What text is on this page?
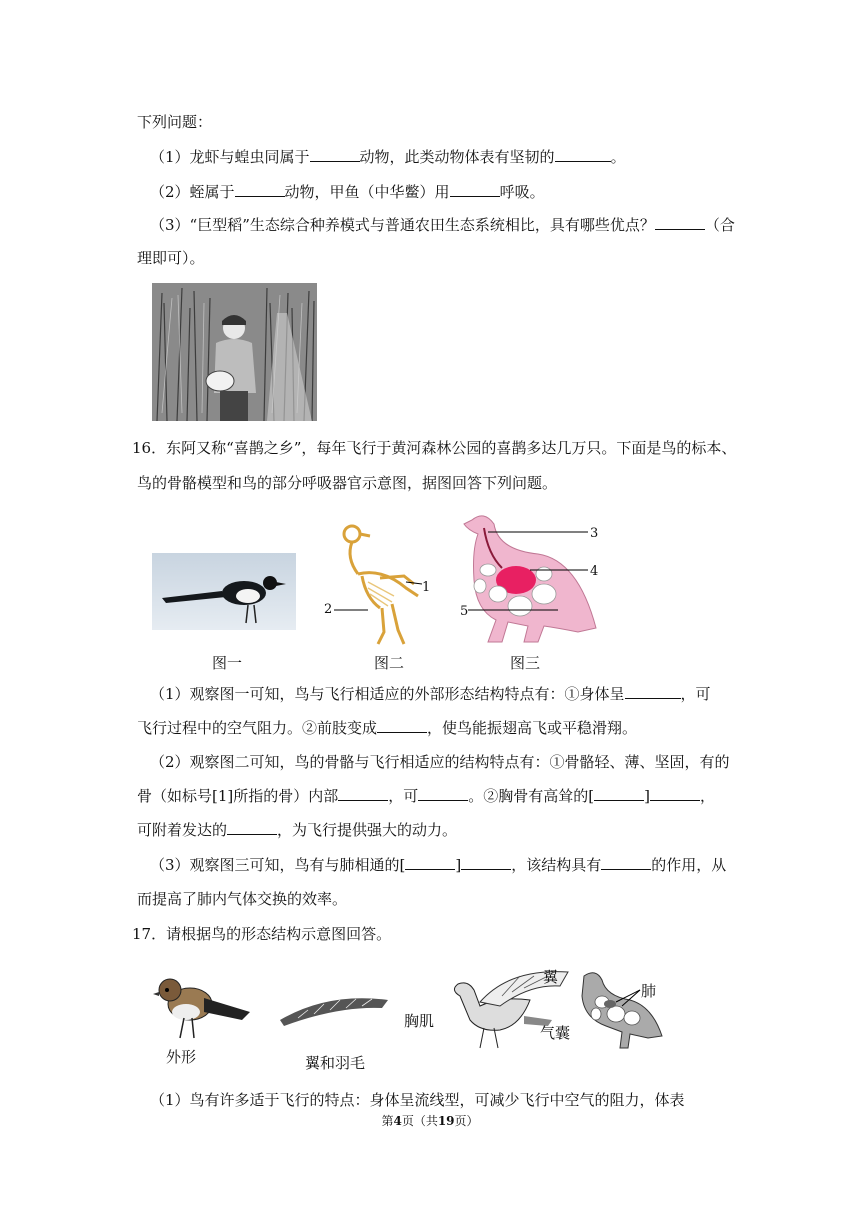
下列问题：
（1）龙虾与蝗虫同属于	动物，此类动物体表有坚韧的	。
（2）蛭属于	动物，甲鱼（中华鳖）用	呼吸。
（3）“巨型稻”生态综合种养模式与普通农田生态系统相比，具有哪些优点？	（合
理即可）。
16．东阿又称“喜鹊之乡”，每年飞行于黄河森林公园的喜鹊多达几万只。下面是鸟的标本、
鸟的骨骼模型和鸟的部分呼吸器官示意图，据图回答下列问题。
图一
1
2
图二
3
4
5
图三
（1）观察图一可知，鸟与飞行相适应的外部形态结构特点有：①身体呈	，可
飞行过程中的空气阻力。②前肢变成	，使鸟能振翅高飞或平稳滑翔。
（2）观察图二可知，鸟的骨骼与飞行相适应的结构特点有：①骨骼轻、薄、坚固，有的
骨（如标号[1]所指的骨）内部	，可	。②胸骨有高耸的[	]	，
可附着发达的	，为飞行提供强大的动力。
（3）观察图三可知，鸟有与肺相通的[	]	，该结构具有	的作用，从
而提高了肺内气体交换的效率。
17．请根据鸟的形态结构示意图回答。
外形	翼和羽毛
翼
胸肌
气囊
肺
（1）鸟有许多适于飞行的特点：身体呈流线型，可减少飞行中空气的阻力，体表
第4页（共19页）
